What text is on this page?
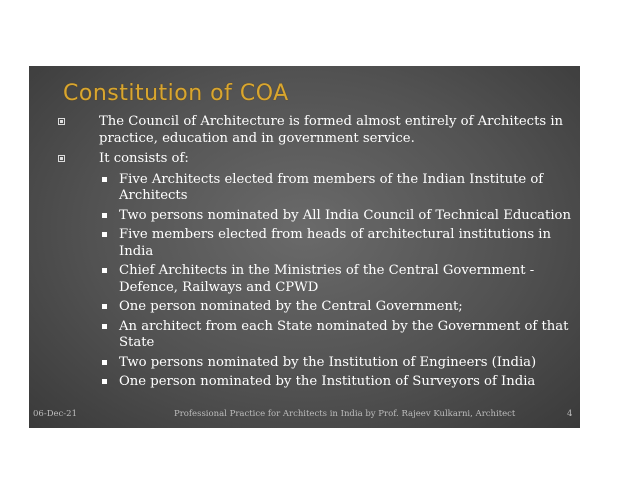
Constitution of COA
The Council of Architecture is formed almost entirely of Architects in practice, education and in government service.
It consists of:
Five Architects elected from members of the Indian Institute of Architects
Two persons nominated by All India Council of Technical Education
Five members elected from heads of architectural institutions in India
Chief Architects in the Ministries of the Central Government - Defence, Railways and CPWD
One person nominated by the Central Government;
An architect from each State nominated by the Government of that State
Two persons nominated by the Institution of Engineers (India)
One person nominated by the Institution of Surveyors of India
06-Dec-21	Professional Practice for Architects in India by Prof. Rajeev Kulkarni, Architect	4
